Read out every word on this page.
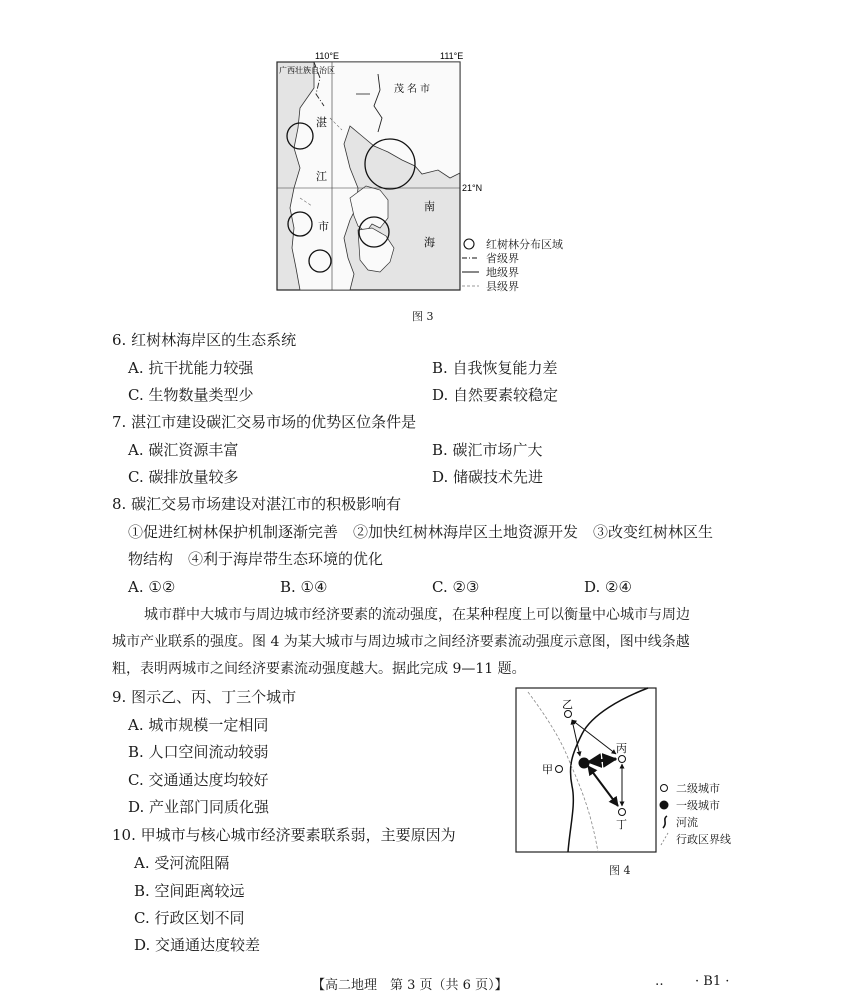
110°E	111°E
21°N
广西壮族自治区
茂名市
湛
江
市
南
海	红树林分布区域
省级界
地级界
县级界
图 3
6. 红树林海岸区的生态系统
A. 抗干扰能力较强	B. 自我恢复能力差
C. 生物数量类型少	D. 自然要素较稳定
7. 湛江市建设碳汇交易市场的优势区位条件是
A. 碳汇资源丰富	B. 碳汇市场广大
C. 碳排放量较多	D. 储碳技术先进
8. 碳汇交易市场建设对湛江市的积极影响有
①促进红树林保护机制逐渐完善　②加快红树林海岸区土地资源开发　③改变红树林区生
物结构　④利于海岸带生态环境的优化
A. ①②	B. ①④	C. ②③	D. ②④
城市群中大城市与周边城市经济要素的流动强度，在某种程度上可以衡量中心城市与周边
城市产业联系的强度。图 4 为某大城市与周边城市之间经济要素流动强度示意图，图中线条越
粗，表明两城市之间经济要素流动强度越大。据此完成 9—11 题。
9. 图示乙、丙、丁三个城市
A. 城市规模一定相同
B. 人口空间流动较弱
C. 交通通达度均较好
D. 产业部门同质化强
10. 甲城市与核心城市经济要素联系弱，主要原因为
A. 受河流阻隔
B. 空间距离较远
C. 行政区划不同
D. 交通通达度较差
乙
丙
丁
甲
二级城市
一级城市
河流
行政区界线
图 4
【高二地理　第 3 页（共 6 页）】	‥ · B1 ·
